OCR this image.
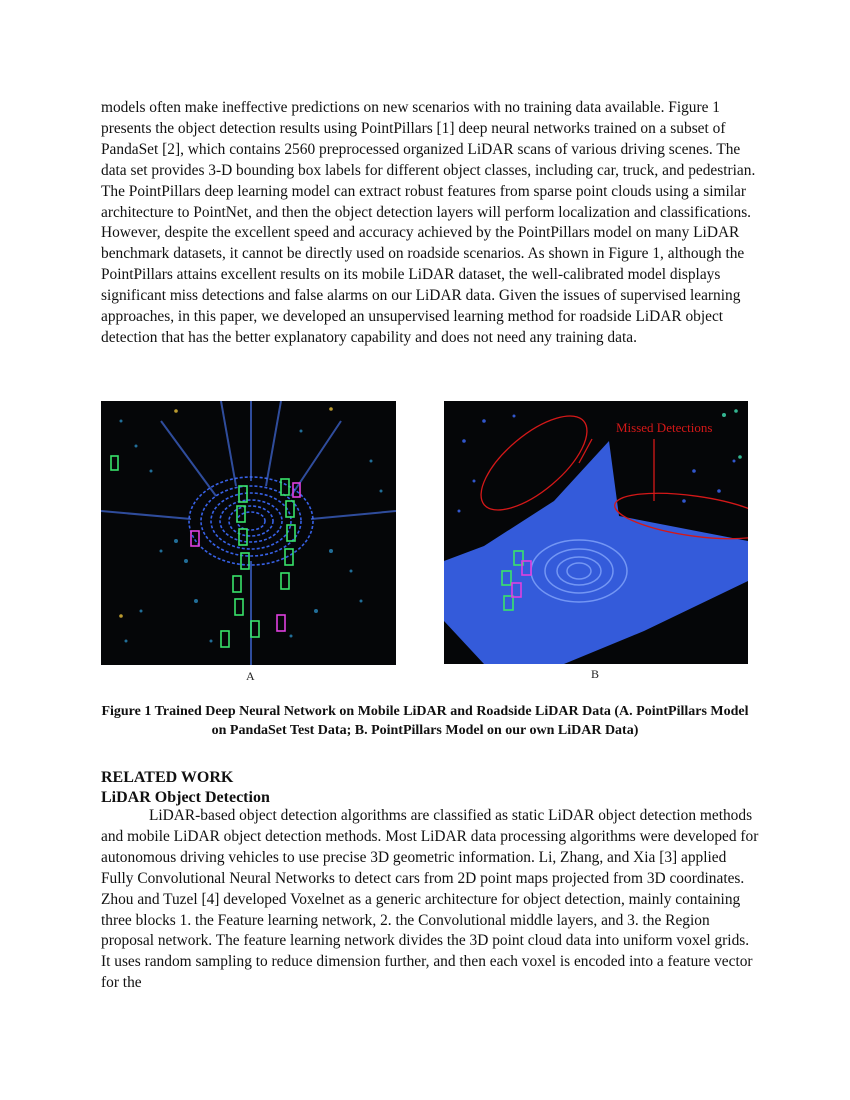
models often make ineffective predictions on new scenarios with no training data available. Figure 1 presents the object detection results using PointPillars [1] deep neural networks trained on a subset of PandaSet [2], which contains 2560 preprocessed organized LiDAR scans of various driving scenes. The data set provides 3-D bounding box labels for different object classes, including car, truck, and pedestrian. The PointPillars deep learning model can extract robust features from sparse point clouds using a similar architecture to PointNet, and then the object detection layers will perform localization and classifications. However, despite the excellent speed and accuracy achieved by the PointPillars model on many LiDAR benchmark datasets, it cannot be directly used on roadside scenarios. As shown in Figure 1, although the PointPillars attains excellent results on its mobile LiDAR dataset, the well-calibrated model displays significant miss detections and false alarms on our LiDAR data. Given the issues of supervised learning approaches, in this paper, we developed an unsupervised learning method for roadside LiDAR object detection that has the better explanatory capability and does not need any training data.

Missed Detections
A	B

Figure 1 Trained Deep Neural Network on Mobile LiDAR and Roadside LiDAR Data (A. PointPillars Model on PandaSet Test Data; B. PointPillars Model on our own LiDAR Data)

RELATED WORK
LiDAR Object Detection

LiDAR-based object detection algorithms are classified as static LiDAR object detection methods and mobile LiDAR object detection methods. Most LiDAR data processing algorithms were developed for autonomous driving vehicles to use precise 3D geometric information. Li, Zhang, and Xia [3] applied Fully Convolutional Neural Networks to detect cars from 2D point maps projected from 3D coordinates. Zhou and Tuzel [4] developed Voxelnet as a generic architecture for object detection, mainly containing three blocks 1. the Feature learning network, 2. the Convolutional middle layers, and 3. the Region proposal network. The feature learning network divides the 3D point cloud data into uniform voxel grids. It uses random sampling to reduce dimension further, and then each voxel is encoded into a feature vector for the
